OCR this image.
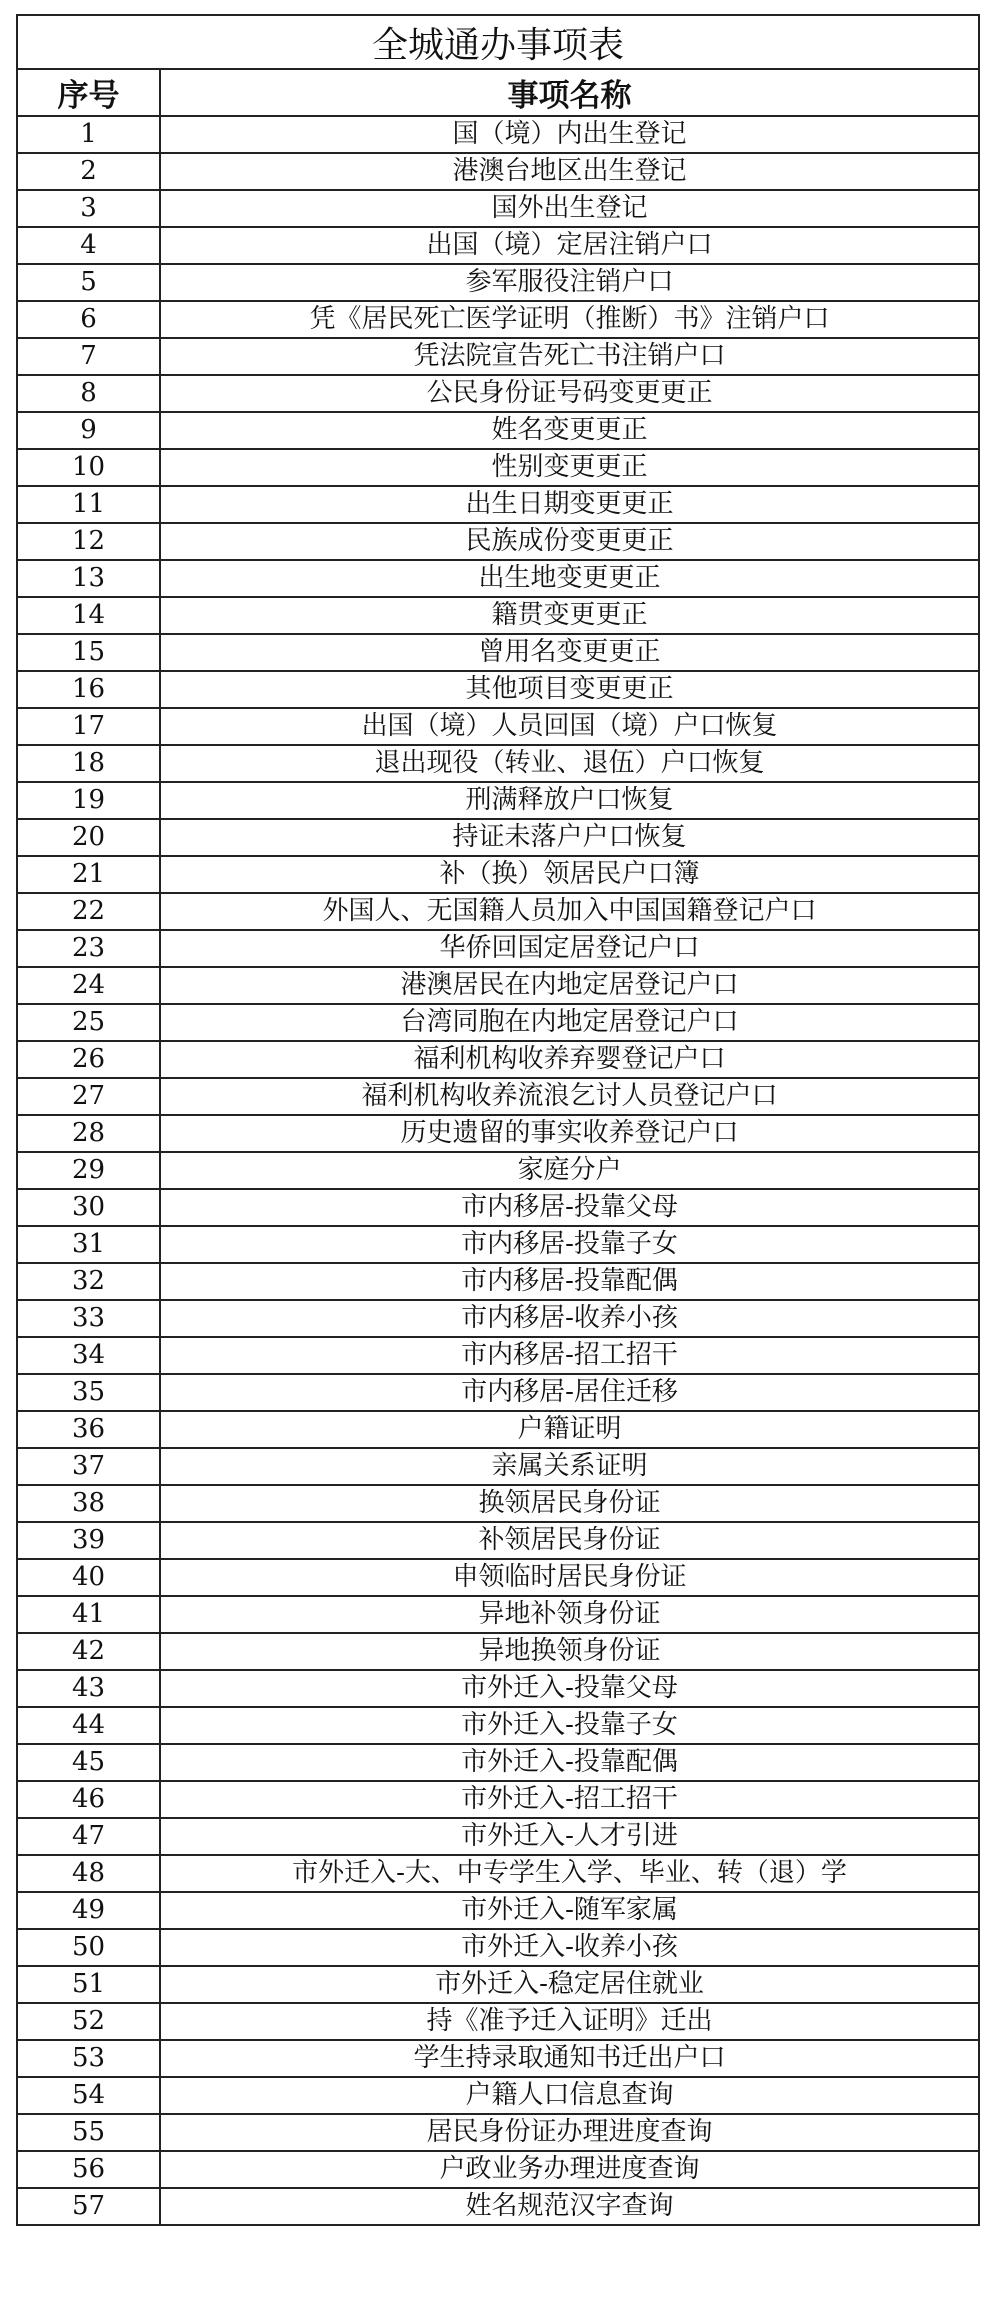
全城通办事项表	
序号	事项名称
1	国（境）内出生登记
2	港澳台地区出生登记
3	国外出生登记
4	出国（境）定居注销户口
5	参军服役注销户口
6	凭《居民死亡医学证明（推断）书》注销户口
7	凭法院宣告死亡书注销户口
8	公民身份证号码变更更正
9	姓名变更更正
10	性别变更更正
11	出生日期变更更正
12	民族成份变更更正
13	出生地变更更正
14	籍贯变更更正
15	曾用名变更更正
16	其他项目变更更正
17	出国（境）人员回国（境）户口恢复
18	退出现役（转业、退伍）户口恢复
19	刑满释放户口恢复
20	持证未落户户口恢复
21	补（换）领居民户口簿
22	外国人、无国籍人员加入中国国籍登记户口
23	华侨回国定居登记户口
24	港澳居民在内地定居登记户口
25	台湾同胞在内地定居登记户口
26	福利机构收养弃婴登记户口
27	福利机构收养流浪乞讨人员登记户口
28	历史遗留的事实收养登记户口
29	家庭分户
30	市内移居-投靠父母
31	市内移居-投靠子女
32	市内移居-投靠配偶
33	市内移居-收养小孩
34	市内移居-招工招干
35	市内移居-居住迁移
36	户籍证明
37	亲属关系证明
38	换领居民身份证
39	补领居民身份证
40	申领临时居民身份证
41	异地补领身份证
42	异地换领身份证
43	市外迁入-投靠父母
44	市外迁入-投靠子女
45	市外迁入-投靠配偶
46	市外迁入-招工招干
47	市外迁入-人才引进
48	市外迁入-大、中专学生入学、毕业、转（退）学
49	市外迁入-随军家属
50	市外迁入-收养小孩
51	市外迁入-稳定居住就业
52	持《准予迁入证明》迁出
53	学生持录取通知书迁出户口
54	户籍人口信息查询
55	居民身份证办理进度查询
56	户政业务办理进度查询
57	姓名规范汉字查询
